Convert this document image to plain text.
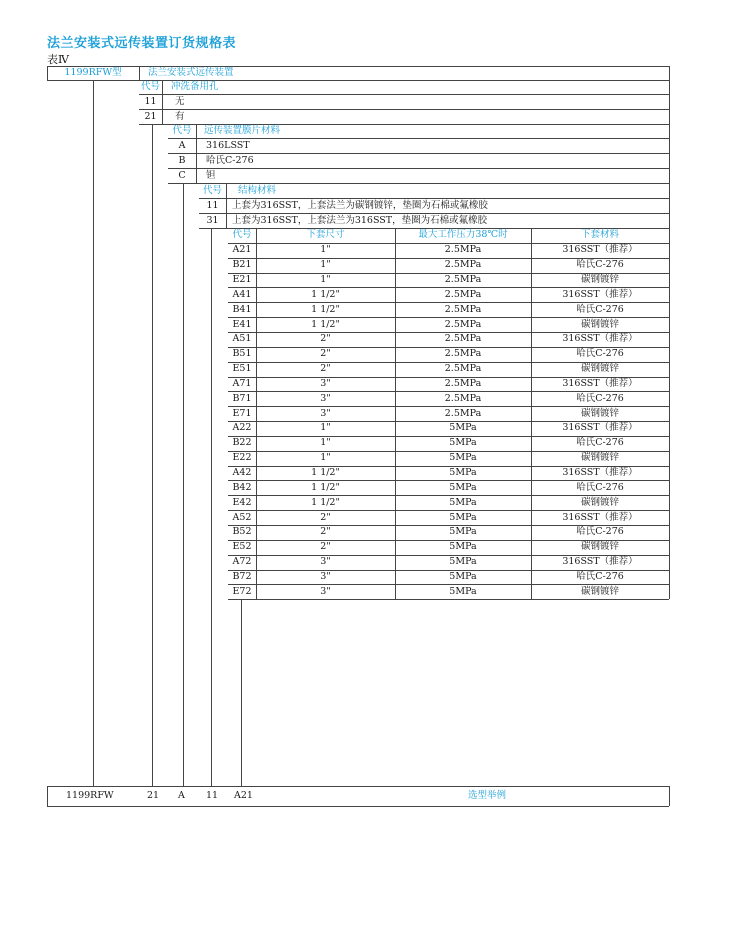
法兰安装式远传装置订货规格表
表Ⅳ
1199RFW型	法兰安装式远传装置
代号 冲洗备用孔
11	无
21	有
代号	远传装置膜片材料
A	316LSST
B	哈氏C-276
C	钽
代号	结构材料
11	上套为316SST，上套法兰为碳钢镀锌，垫圈为石棉或氟橡胶
31	上套为316SST，上套法兰为316SST，垫圈为石棉或氟橡胶
代号	下套尺寸	最大工作压力38℃时	下套材料
A21	1"	2.5MPa	316SST（推荐）
B21	1"	2.5MPa	哈氏C-276
E21	1"	2.5MPa	碳钢镀锌
A41	1 1/2"	2.5MPa	316SST（推荐）
B41	1 1/2"	2.5MPa	哈氏C-276
E41	1 1/2"	2.5MPa	碳钢镀锌
A51	2"	2.5MPa	316SST（推荐）
B51	2"	2.5MPa	哈氏C-276
E51	2"	2.5MPa	碳钢镀锌
A71	3"	2.5MPa	316SST（推荐）
B71	3"	2.5MPa	哈氏C-276
E71	3"	2.5MPa	碳钢镀锌
A22	1"	5MPa	316SST（推荐）
B22	1"	5MPa	哈氏C-276
E22	1"	5MPa	碳钢镀锌
A42	1 1/2"	5MPa	316SST（推荐）
B42	1 1/2"	5MPa	哈氏C-276
E42	1 1/2"	5MPa	碳钢镀锌
A52	2"	5MPa	316SST（推荐）
B52	2"	5MPa	哈氏C-276
E52	2"	5MPa	碳钢镀锌
A72	3"	5MPa	316SST（推荐）
B72	3"	5MPa	哈氏C-276
E72	3"	5MPa	碳钢镀锌
1199RFW	21 A 11 A21	选型举例
